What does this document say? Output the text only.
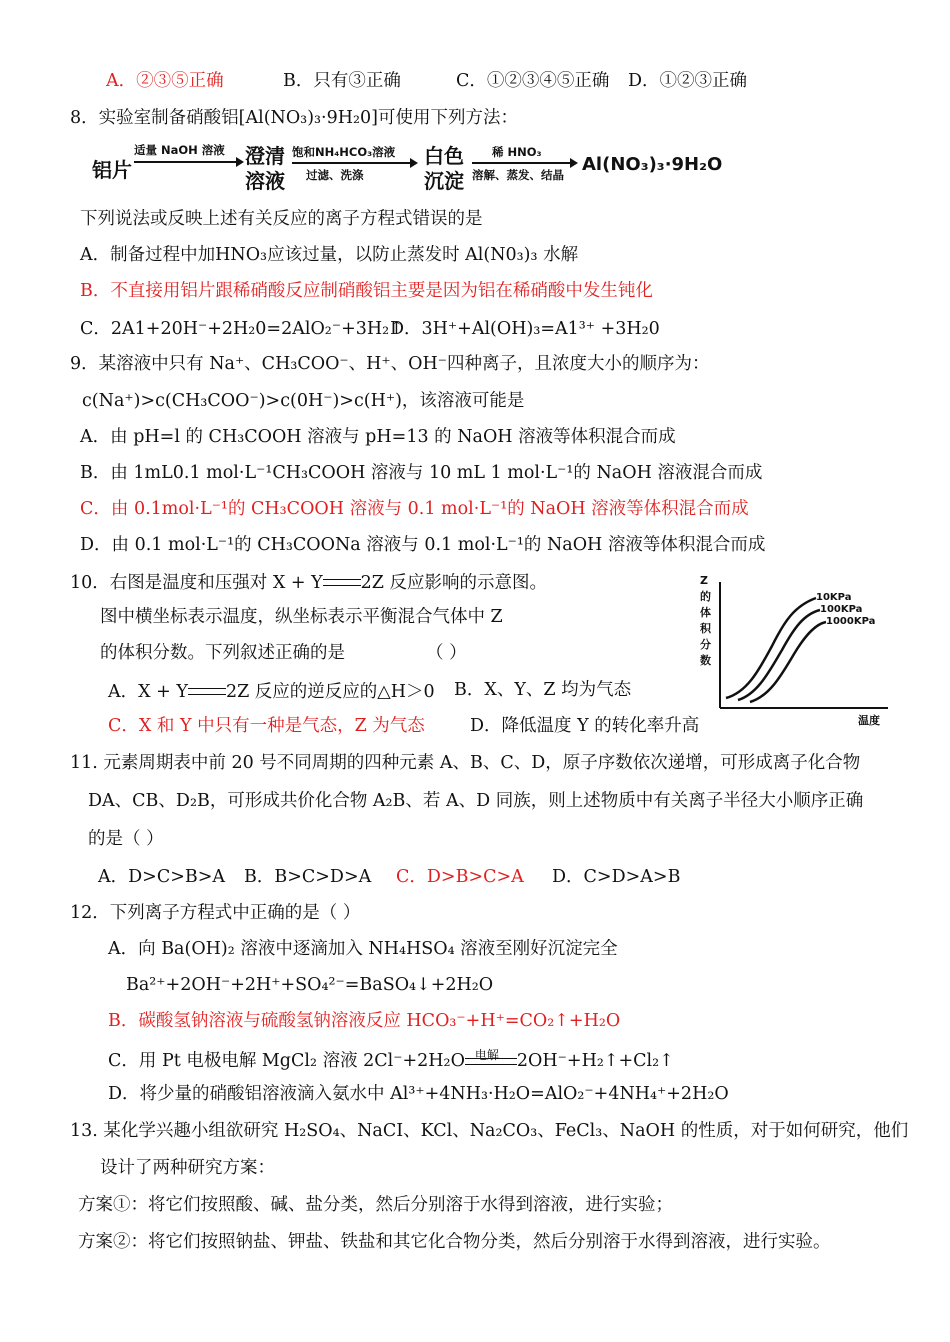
A．②③⑤正确	B．只有③正确	C．①②③④⑤正确 D．①②③正确
8．实验室制备硝酸铝[Al(NO₃)₃·9H₂0]可使用下列方法：
铝片
适量 NaOH 溶液 澄清
溶液
饱和NH₄HCO₃溶液
过滤、洗涤
白色
沉淀
稀 HNO₃
溶解、蒸发、结晶 Al(NO₃)₃·9H₂O
下列说法或反映上述有关反应的离子方程式错误的是
A．制备过程中加HNO₃应该过量，以防止蒸发时 Al(N0₃)₃ 水解
B．不直接用铝片跟稀硝酸反应制硝酸铝主要是因为铝在稀硝酸中发生钝化
C．2A1+20H⁻+2H₂0=2AlO₂⁻+3H₂↑
D．3H⁺+Al(OH)₃=A1³⁺ +3H₂0
9．某溶液中只有 Na⁺、CH₃COO⁻、H⁺、OH⁻四种离子，且浓度大小的顺序为：
c(Na⁺)>c(CH₃COO⁻)>c(0H⁻)>c(H⁺)，该溶液可能是
A．由 pH=l 的 CH₃COOH 溶液与 pH=13 的 NaOH 溶液等体积混合而成
B．由 1mL0.1 mol·L⁻¹CH₃COOH 溶液与 10 mL 1 mol·L⁻¹的 NaOH 溶液混合而成
C．由 0.1mol·L⁻¹的 CH₃COOH 溶液与 0.1 mol·L⁻¹的 NaOH 溶液等体积混合而成
D．由 0.1 mol·L⁻¹的 CH₃COONa 溶液与 0.1 mol·L⁻¹的 NaOH 溶液等体积混合而成
10．右图是温度和压强对 X + Y 2Z 反应影响的示意图。
图中横坐标表示温度，纵坐标表示平衡混合气体中 Z
的体积分数。下列叙述正确的是	（ ）
A．X + Y 2Z 反应的逆反应的△H＞0 B．X、Y、Z 均为气态
C．X 和 Y 中只有一种是气态，Z 为气态	D．降低温度 Y 的转化率升高
Z
的
体
积
分
数
温度
10KPa
100KPa
1000KPa
11. 元素周期表中前 20 号不同周期的四种元素 A、B、C、D，原子序数依次递增，可形成离子化合物
DA、CB、D₂B，可形成共价化合物 A₂B、若 A、D 同族，则上述物质中有关离子半径大小顺序正确
的是（ ）
A．D>C>B>A B．B>C>D>A C．D>B>C>A D．C>D>A>B
12．下列离子方程式中正确的是（ ）
A．向 Ba(OH)₂ 溶液中逐滴加入 NH₄HSO₄ 溶液至刚好沉淀完全
Ba²⁺+2OH⁻+2H⁺+SO₄²⁻=BaSO₄↓+2H₂O
B．碳酸氢钠溶液与硫酸氢钠溶液反应 HCO₃⁻+H⁺=CO₂↑+H₂O
C．用 Pt 电极电解 MgCl₂ 溶液 2Cl⁻+2H₂O 电解 2OH⁻+H₂↑+Cl₂↑
D．将少量的硝酸铝溶液滴入氨水中 Al³⁺+4NH₃·H₂O=AlO₂⁻+4NH₄⁺+2H₂O
13. 某化学兴趣小组欲研究 H₂SO₄、NaCI、KCl、Na₂CO₃、FeCl₃、NaOH 的性质，对于如何研究，他们
设计了两种研究方案：
方案①：将它们按照酸、碱、盐分类，然后分别溶于水得到溶液，进行实验；
方案②：将它们按照钠盐、钾盐、铁盐和其它化合物分类，然后分别溶于水得到溶液，进行实验。
